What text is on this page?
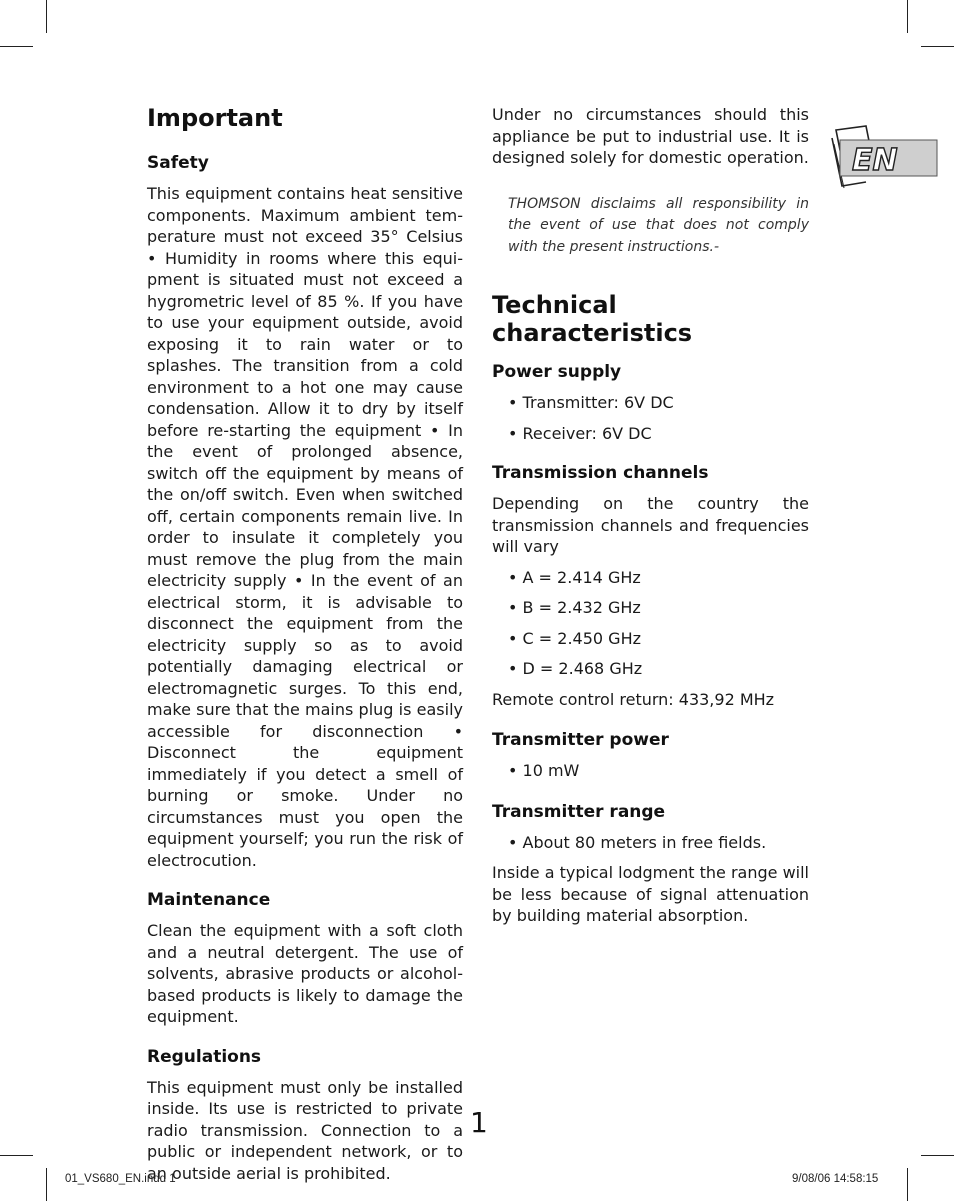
EN
Important
Safety

This equipment contains heat sensitive components. Maximum ambient temperature must not exceed 35° Celsius • Humidity in rooms where this equipment is situated must not exceed a hygrometric level of 85 %. If you have to use your equipment outside, avoid exposing it to rain water or to splashes. The transition from a cold environment to a hot one may cause condensation. Allow it to dry by itself before re-starting the equipment • In the event of prolonged absence, switch off the equipment by means of the on/off switch. Even when switched off, certain components remain live. In order to insulate it completely you must remove the plug from the main electricity supply • In the event of an electrical storm, it is advisable to disconnect the equipment from the electricity supply so as to avoid potentially damaging electrical or electromagnetic surges. To this end, make sure that the mains plug is easily accessible for disconnection • Disconnect the equipment immediately if you detect a smell of burning or smoke. Under no circumstances must you open the equipment yourself; you run the risk of electrocution.

Maintenance

Clean the equipment with a soft cloth and a neutral detergent. The use of solvents, abrasive products or alcohol-based products is likely to damage the equipment.

Regulations

This equipment must only be installed inside. Its use is restricted to private radio transmission. Connection to a public or independent network, or to an outside aerial is prohibited.

Under no circumstances should this appliance be put to industrial use. It is designed solely for domestic operation.

THOMSON disclaims all responsibility in the event of use that does not comply with the present instructions.-

Technical characteristics
Power supply

• Transmitter: 6V DC

• Receiver: 6V DC

Transmission channels

Depending on the country the transmission channels and frequencies will vary

• A = 2.414 GHz

• B = 2.432 GHz

• C = 2.450 GHz

• D = 2.468 GHz

Remote control return: 433,92 MHz

Transmitter power

• 10 mW

Transmitter range

• About 80 meters in free fields.

Inside a typical lodgment the range will be less because of signal attenuation by building material absorption.

1
01_VS680_EN.indd 1	9/08/06 14:58:15
